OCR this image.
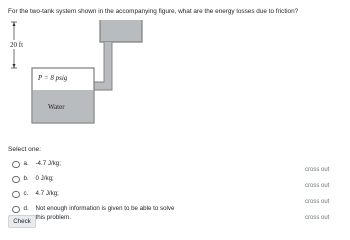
For the two-tank system shown in the accompanying figure, what are the energy losses due to friction?
20 ft
P = 8 psig
Water
Select one:
a.	-4.7 J/kg;
b.	0 J/kg;
c.	4.7 J/kg;
d.	Not enough information is given to be able to solve this problem.
cross out
cross out
cross out
cross out
Check
